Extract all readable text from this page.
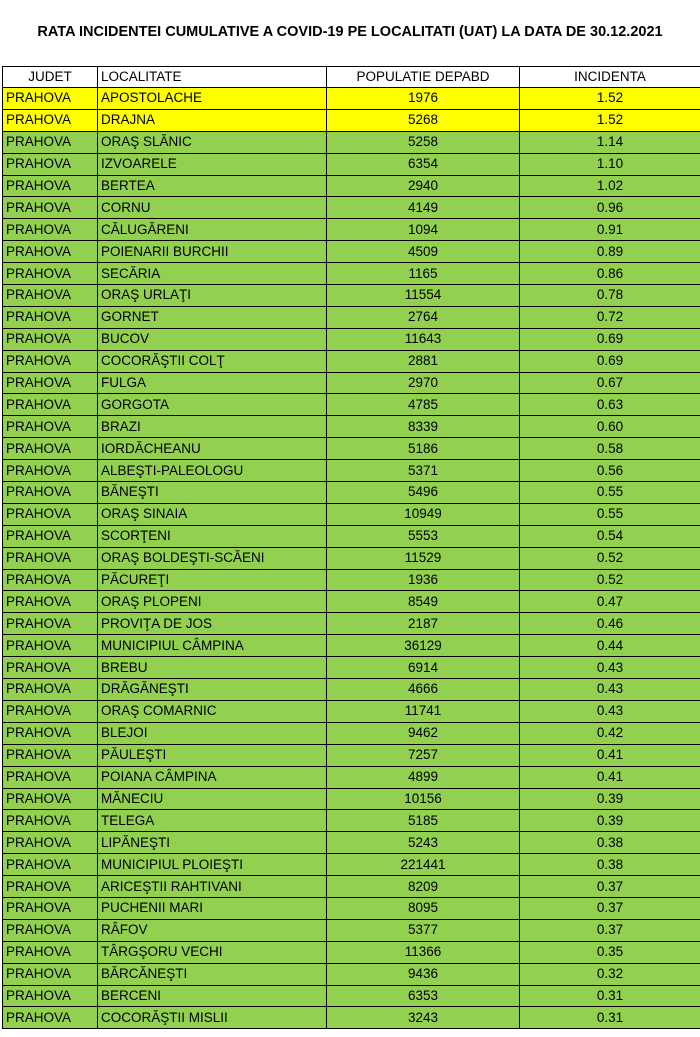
RATA INCIDENTEI CUMULATIVE A COVID-19 PE LOCALITATI (UAT) LA DATA DE 30.12.2021
JUDET	LOCALITATE	POPULATIE DEPABD	INCIDENTA
PRAHOVA	APOSTOLACHE	1976	1.52
PRAHOVA	DRAJNA	5268	1.52
PRAHOVA	ORAŞ SLĂNIC	5258	1.14
PRAHOVA	IZVOARELE	6354	1.10
PRAHOVA	BERTEA	2940	1.02
PRAHOVA	CORNU	4149	0.96
PRAHOVA	CĂLUGĂRENI	1094	0.91
PRAHOVA	POIENARII BURCHII	4509	0.89
PRAHOVA	SECĂRIA	1165	0.86
PRAHOVA	ORAŞ URLAŢI	11554	0.78
PRAHOVA	GORNET	2764	0.72
PRAHOVA	BUCOV	11643	0.69
PRAHOVA	COCORĂŞTII COLŢ	2881	0.69
PRAHOVA	FULGA	2970	0.67
PRAHOVA	GORGOTA	4785	0.63
PRAHOVA	BRAZI	8339	0.60
PRAHOVA	IORDĂCHEANU	5186	0.58
PRAHOVA	ALBEŞTI-PALEOLOGU	5371	0.56
PRAHOVA	BĂNEŞTI	5496	0.55
PRAHOVA	ORAŞ SINAIA	10949	0.55
PRAHOVA	SCORŢENI	5553	0.54
PRAHOVA	ORAŞ BOLDEŞTI-SCĂENI	11529	0.52
PRAHOVA	PĂCUREŢI	1936	0.52
PRAHOVA	ORAŞ PLOPENI	8549	0.47
PRAHOVA	PROVIŢA DE JOS	2187	0.46
PRAHOVA	MUNICIPIUL CÂMPINA	36129	0.44
PRAHOVA	BREBU	6914	0.43
PRAHOVA	DRĂGĂNEŞTI	4666	0.43
PRAHOVA	ORAŞ COMARNIC	11741	0.43
PRAHOVA	BLEJOI	9462	0.42
PRAHOVA	PĂULEŞTI	7257	0.41
PRAHOVA	POIANA CÂMPINA	4899	0.41
PRAHOVA	MĂNECIU	10156	0.39
PRAHOVA	TELEGA	5185	0.39
PRAHOVA	LIPĂNEŞTI	5243	0.38
PRAHOVA	MUNICIPIUL PLOIEŞTI	221441	0.38
PRAHOVA	ARICEŞTII RAHTIVANI	8209	0.37
PRAHOVA	PUCHENII MARI	8095	0.37
PRAHOVA	RÂFOV	5377	0.37
PRAHOVA	TÂRGŞORU VECHI	11366	0.35
PRAHOVA	BĂRCĂNEŞTI	9436	0.32
PRAHOVA	BERCENI	6353	0.31
PRAHOVA	COCORĂŞTII MISLII	3243	0.31
